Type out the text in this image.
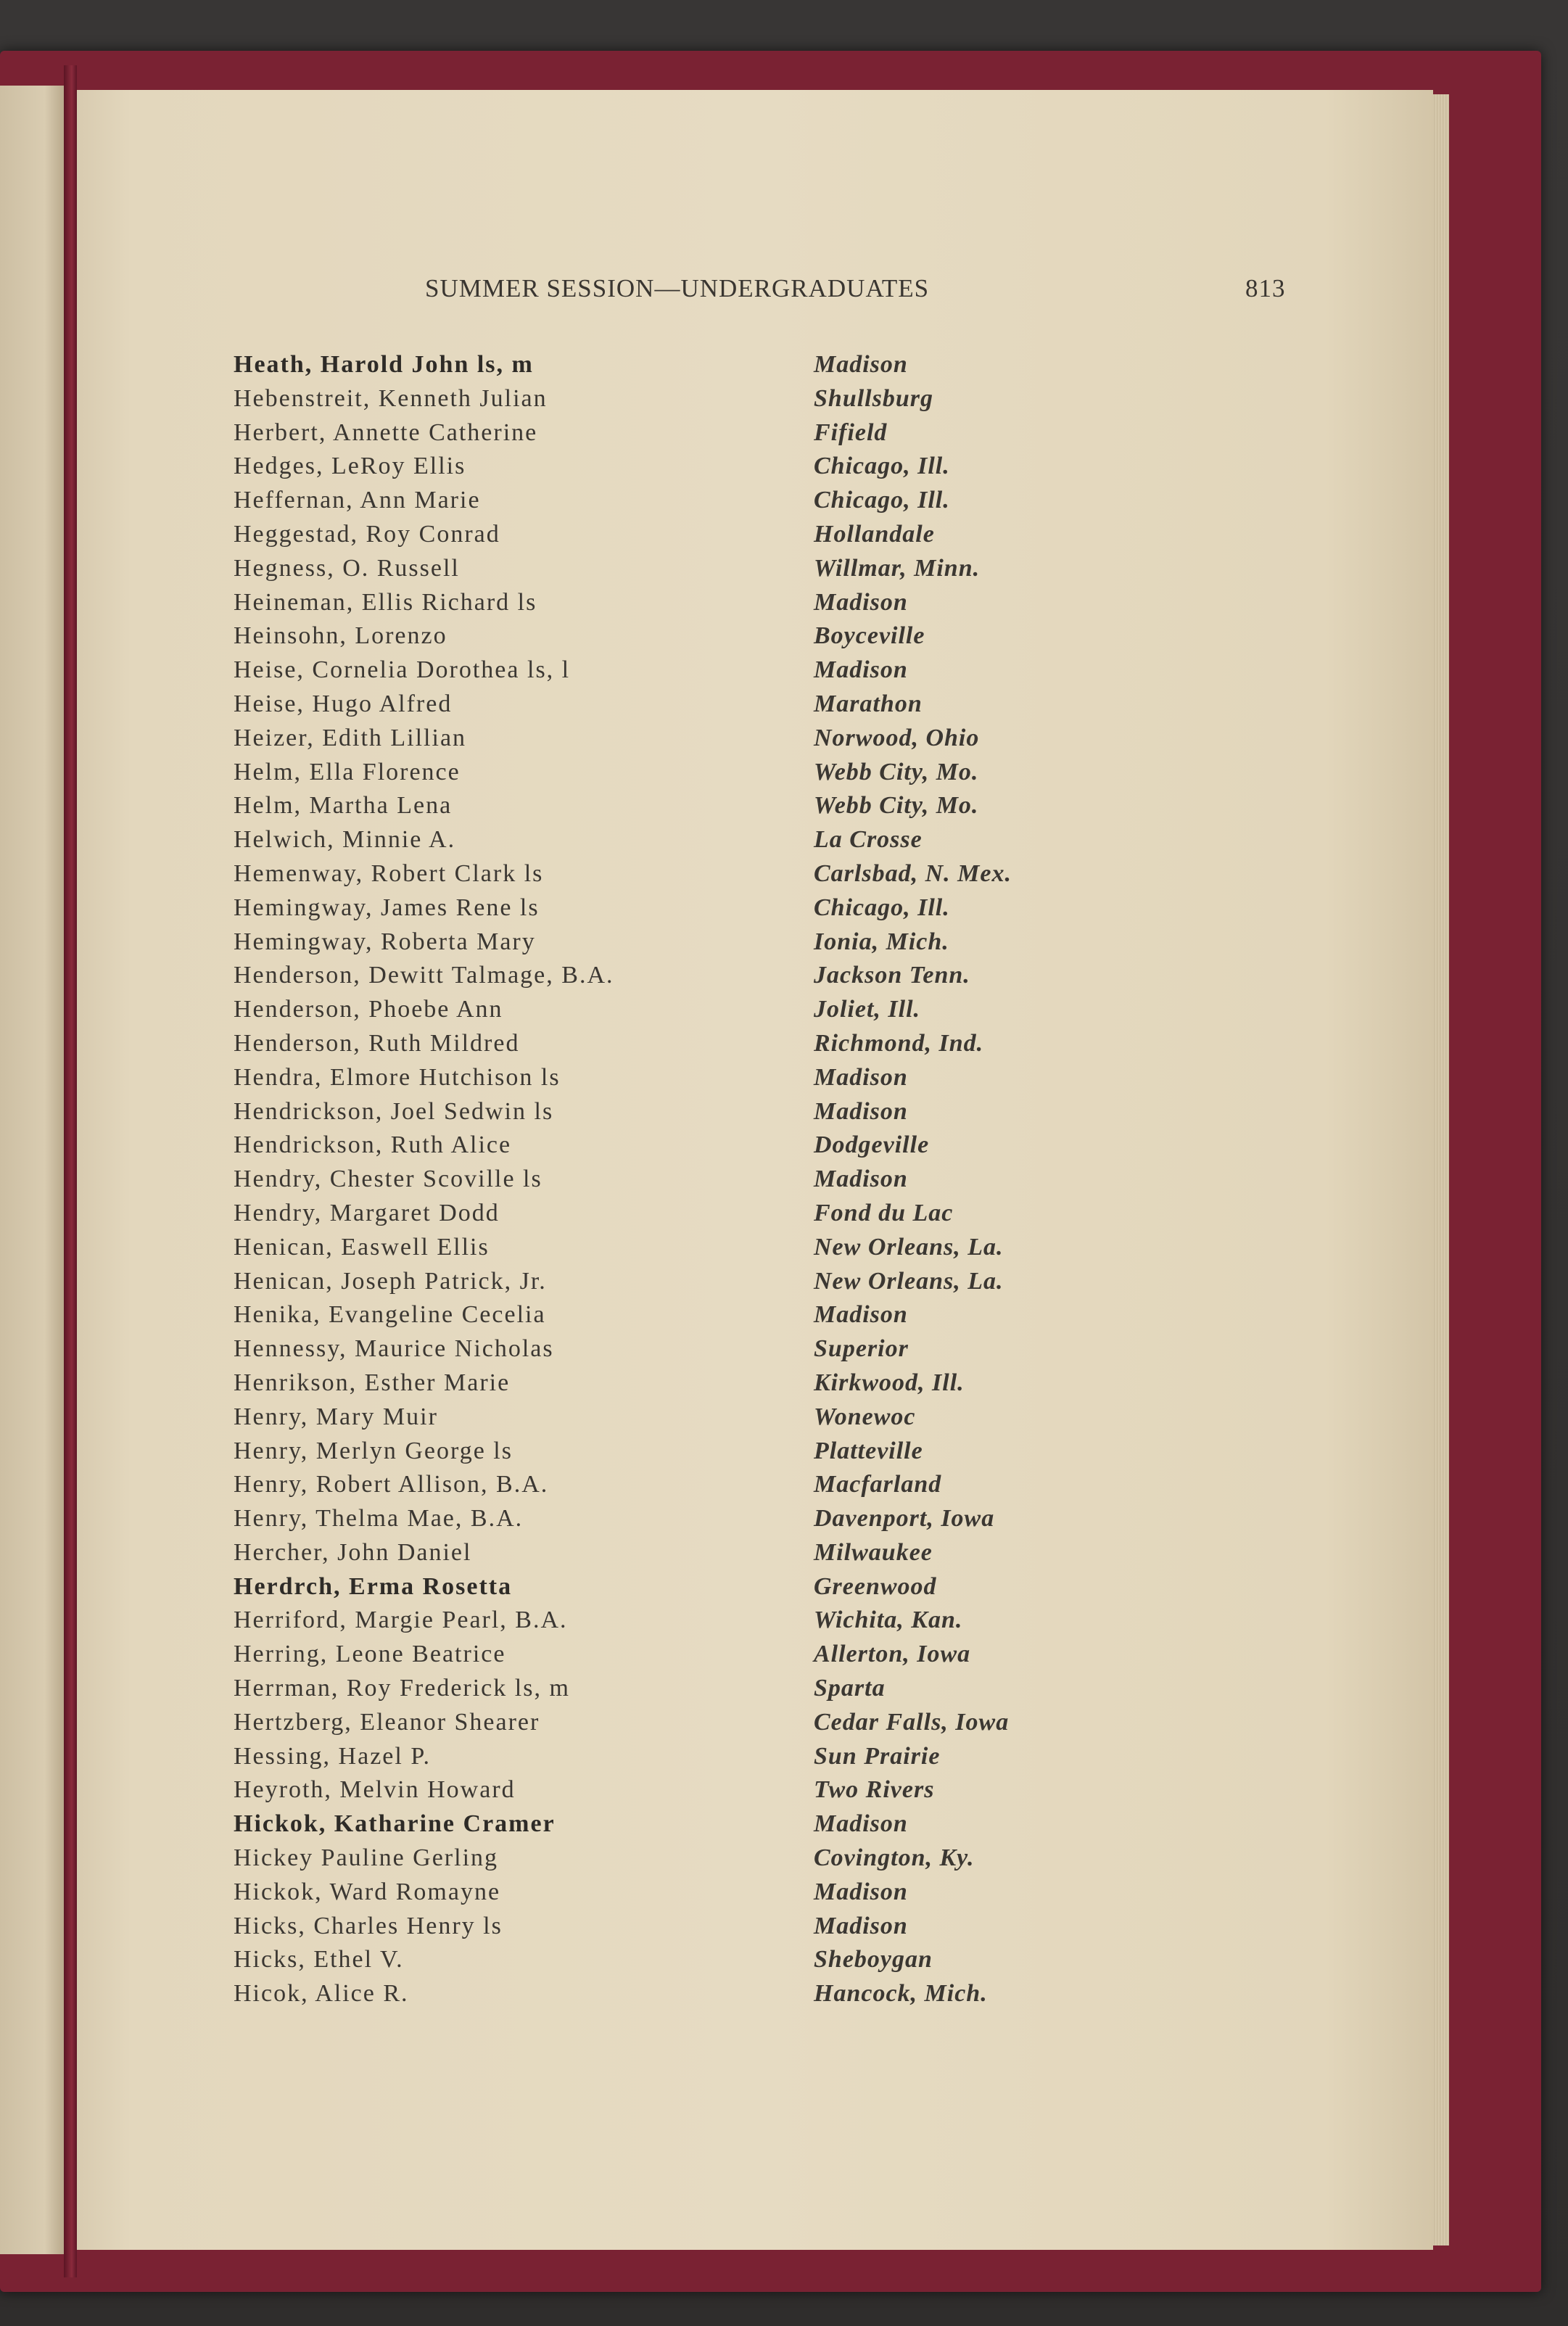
SUMMER SESSION—UNDERGRADUATES	813
Heath, Harold John ls, m	Madison
Hebenstreit, Kenneth Julian	Shullsburg
Herbert, Annette Catherine	Fifield
Hedges, LeRoy Ellis	Chicago, Ill.
Heffernan, Ann Marie	Chicago, Ill.
Heggestad, Roy Conrad	Hollandale
Hegness, O. Russell	Willmar, Minn.
Heineman, Ellis Richard ls	Madison
Heinsohn, Lorenzo	Boyceville
Heise, Cornelia Dorothea ls, l	Madison
Heise, Hugo Alfred	Marathon
Heizer, Edith Lillian	Norwood, Ohio
Helm, Ella Florence	Webb City, Mo.
Helm, Martha Lena	Webb City, Mo.
Helwich, Minnie A.	La Crosse
Hemenway, Robert Clark ls	Carlsbad, N. Mex.
Hemingway, James Rene ls	Chicago, Ill.
Hemingway, Roberta Mary	Ionia, Mich.
Henderson, Dewitt Talmage, B.A.	Jackson Tenn.
Henderson, Phoebe Ann	Joliet, Ill.
Henderson, Ruth Mildred	Richmond, Ind.
Hendra, Elmore Hutchison ls	Madison
Hendrickson, Joel Sedwin ls	Madison
Hendrickson, Ruth Alice	Dodgeville
Hendry, Chester Scoville ls	Madison
Hendry, Margaret Dodd	Fond du Lac
Henican, Easwell Ellis	New Orleans, La.
Henican, Joseph Patrick, Jr.	New Orleans, La.
Henika, Evangeline Cecelia	Madison
Hennessy, Maurice Nicholas	Superior
Henrikson, Esther Marie	Kirkwood, Ill.
Henry, Mary Muir	Wonewoc
Henry, Merlyn George ls	Platteville
Henry, Robert Allison, B.A.	Macfarland
Henry, Thelma Mae, B.A.	Davenport, Iowa
Hercher, John Daniel	Milwaukee
Herdrch, Erma Rosetta	Greenwood
Herriford, Margie Pearl, B.A.	Wichita, Kan.
Herring, Leone Beatrice	Allerton, Iowa
Herrman, Roy Frederick ls, m	Sparta
Hertzberg, Eleanor Shearer	Cedar Falls, Iowa
Hessing, Hazel P.	Sun Prairie
Heyroth, Melvin Howard	Two Rivers
Hickok, Katharine Cramer	Madison
Hickey Pauline Gerling	Covington, Ky.
Hickok, Ward Romayne	Madison
Hicks, Charles Henry ls	Madison
Hicks, Ethel V.	Sheboygan
Hicok, Alice R.	Hancock, Mich.
